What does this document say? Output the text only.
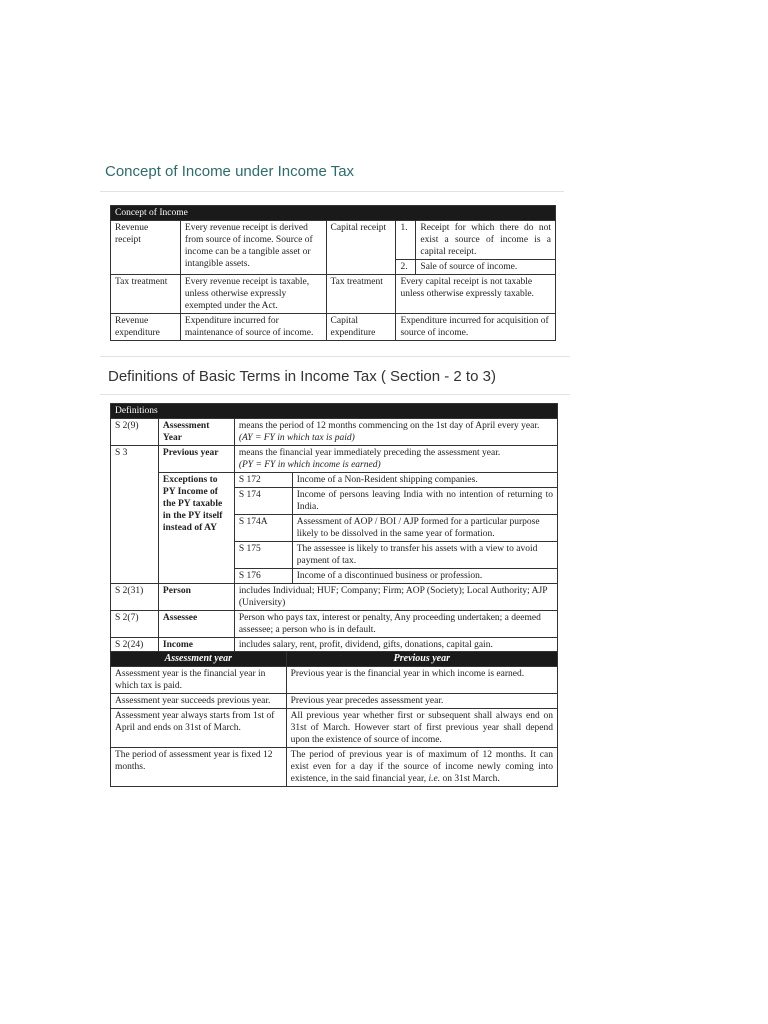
Concept of Income under Income Tax
Concept of Income				
Revenue receipt	Every revenue receipt is derived from source of income. Source of income can be a tangible asset or intangible assets.	Capital receipt	1.	Receipt for which there do not exist a source of income is a capital receipt.
			2.	Sale of source of income.
Tax treatment	Every revenue receipt is taxable, unless otherwise expressly exempted under the Act.	Tax treatment	Every capital receipt is not taxable unless otherwise expressly taxable.	
Revenue expenditure	Expenditure incurred for maintenance of source of income.	Capital expenditure	Expenditure incurred for acquisition of source of income.	
Definitions of Basic Terms in Income Tax ( Section - 2 to 3)
Definitions			
S 2(9)	Assessment Year	means the period of 12 months commencing on the 1st day of April every year.
(AY = FY in which tax is paid)	
S 3	Previous year	means the financial year immediately preceding the assessment year.
(PY = FY in which income is earned)	
	Exceptions to PY Income of the PY taxable in the PY itself instead of AY	S 172	Income of a Non-Resident shipping companies.
		S 174	Income of persons leaving India with no intention of returning to India.
		S 174A	Assessment of AOP / BOI / AJP formed for a particular purpose likely to be dissolved in the same year of formation.
		S 175	The assessee is likely to transfer his assets with a view to avoid payment of tax.
		S 176	Income of a discontinued business or profession.
S 2(31)	Person	includes Individual; HUF; Company; Firm; AOP (Society); Local Authority; AJP (University)	
S 2(7)	Assessee	Person who pays tax, interest or penalty, Any proceeding undertaken; a deemed assessee; a person who is in default.	
S 2(24)	Income	includes salary, rent, profit, dividend, gifts, donations, capital gain.	
Assessment year	Previous year
Assessment year is the financial year in which tax is paid.	Previous year is the financial year in which income is earned.
Assessment year succeeds previous year.	Previous year precedes assessment year.
Assessment year always starts from 1st of April and ends on 31st of March.	All previous year whether first or subsequent shall always end on 31st of March. However start of first previous year shall depend upon the existence of source of income.
The period of assessment year is fixed 12 months.	The period of previous year is of maximum of 12 months. It can exist even for a day if the source of income newly coming into existence, in the said financial year, i.e. on 31st March.
